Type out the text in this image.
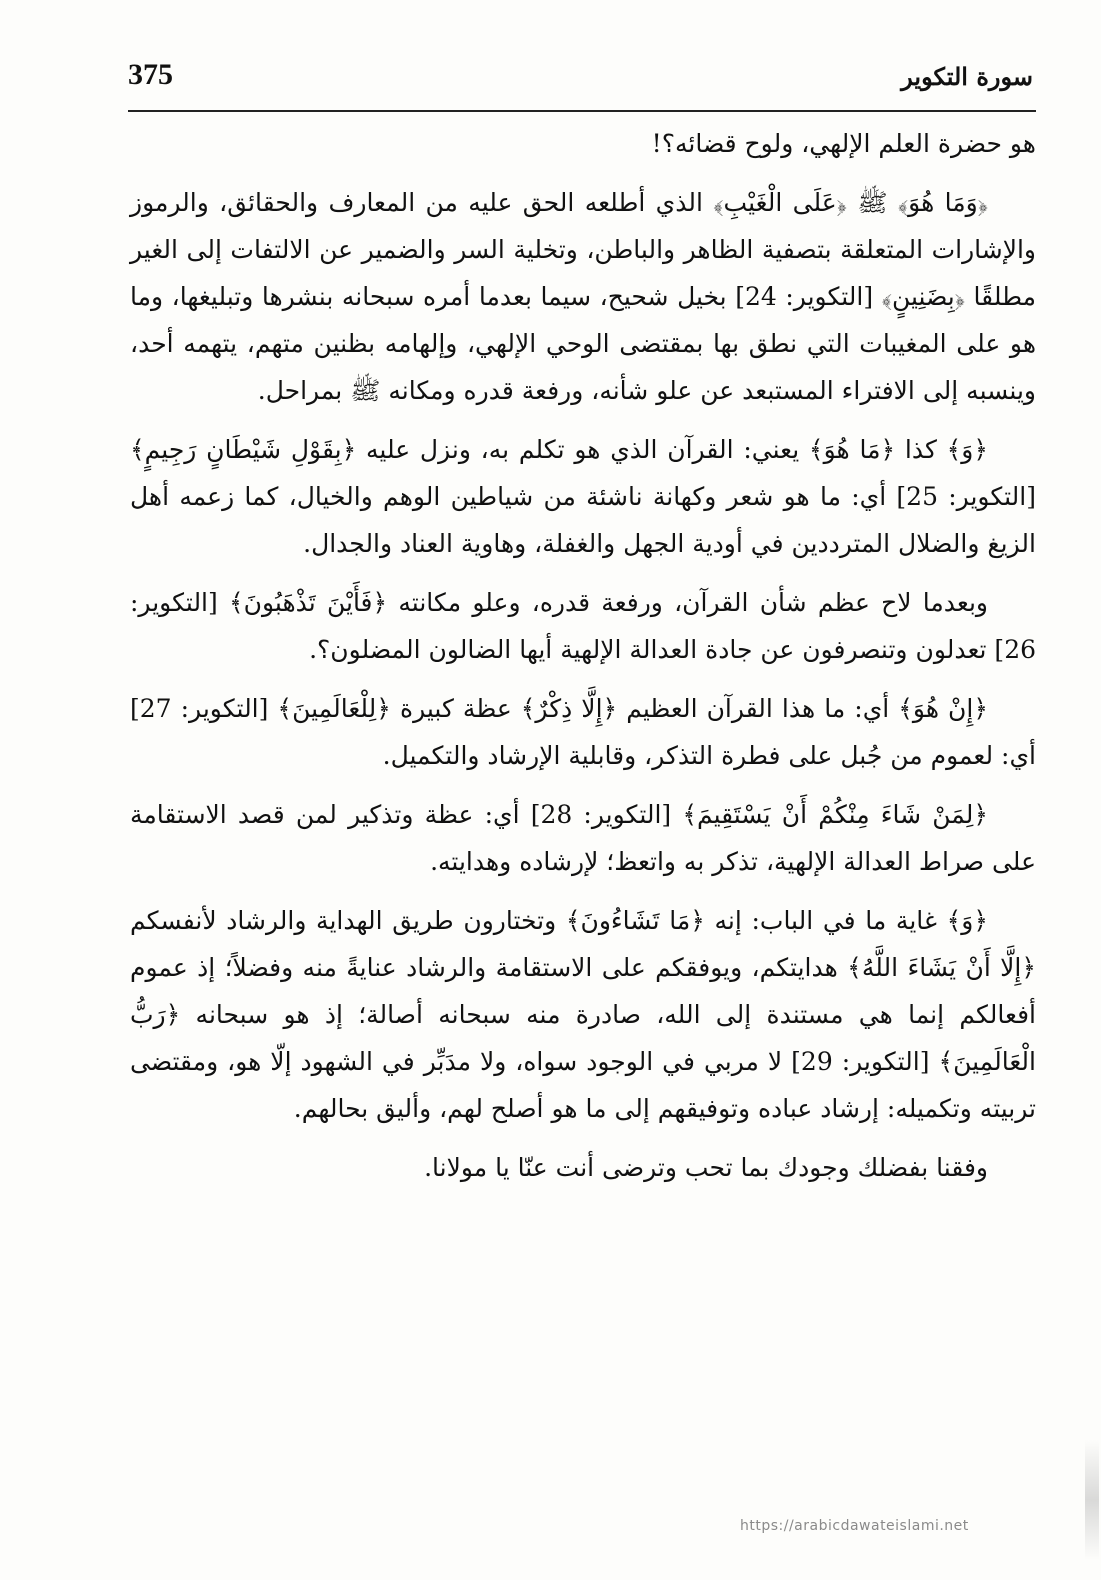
375	سورة التكوير

هو حضرة العلم الإلهي، ولوح قضائه؟!

﴿وَمَا هُوَ﴾ ﷺ ﴿عَلَى الْغَيْبِ﴾ الذي أطلعه الحق عليه من المعارف والحقائق، والرموز والإشارات المتعلقة بتصفية الظاهر والباطن، وتخلية السر والضمير عن الالتفات إلى الغير مطلقًا ﴿بِضَنِينٍ﴾ [التكوير: 24] بخيل شحيح، سيما بعدما أمره سبحانه بنشرها وتبليغها، وما هو على المغيبات التي نطق بها بمقتضى الوحي الإلهي، وإلهامه بظنين متهم، يتهمه أحد، وينسبه إلى الافتراء المستبعد عن علو شأنه، ورفعة قدره ومكانه ﷺ بمراحل.

﴿وَ﴾ كذا ﴿مَا هُوَ﴾ يعني: القرآن الذي هو تكلم به، ونزل عليه ﴿بِقَوْلِ شَيْطَانٍ رَجِيمٍ﴾ [التكوير: 25] أي: ما هو شعر وكهانة ناشئة من شياطين الوهم والخيال، كما زعمه أهل الزيغ والضلال المترددين في أودية الجهل والغفلة، وهاوية العناد والجدال.

وبعدما لاح عظم شأن القرآن، ورفعة قدره، وعلو مكانته ﴿فَأَيْنَ تَذْهَبُونَ﴾ [التكوير: 26] تعدلون وتنصرفون عن جادة العدالة الإلهية أيها الضالون المضلون؟.

﴿إِنْ هُوَ﴾ أي: ما هذا القرآن العظيم ﴿إِلَّا ذِكْرٌ﴾ عظة كبيرة ﴿لِلْعَالَمِينَ﴾ [التكوير: 27] أي: لعموم من جُبل على فطرة التذكر، وقابلية الإرشاد والتكميل.

﴿لِمَنْ شَاءَ مِنْكُمْ أَنْ يَسْتَقِيمَ﴾ [التكوير: 28] أي: عظة وتذكير لمن قصد الاستقامة على صراط العدالة الإلهية، تذكر به واتعظ؛ لإرشاده وهدايته.

﴿وَ﴾ غاية ما في الباب: إنه ﴿مَا تَشَاءُونَ﴾ وتختارون طريق الهداية والرشاد لأنفسكم ﴿إِلَّا أَنْ يَشَاءَ اللَّهُ﴾ هدايتكم، ويوفقكم على الاستقامة والرشاد عنايةً منه وفضلاً؛ إذ عموم أفعالكم إنما هي مستندة إلى الله، صادرة منه سبحانه أصالة؛ إذ هو سبحانه ﴿رَبُّ الْعَالَمِينَ﴾ [التكوير: 29] لا مربي في الوجود سواه، ولا مدَبِّر في الشهود إلّا هو، ومقتضى تربيته وتكميله: إرشاد عباده وتوفيقهم إلى ما هو أصلح لهم، وأليق بحالهم.

وفقنا بفضلك وجودك بما تحب وترضى أنت عنّا يا مولانا.

https://arabicdawateislami.net
